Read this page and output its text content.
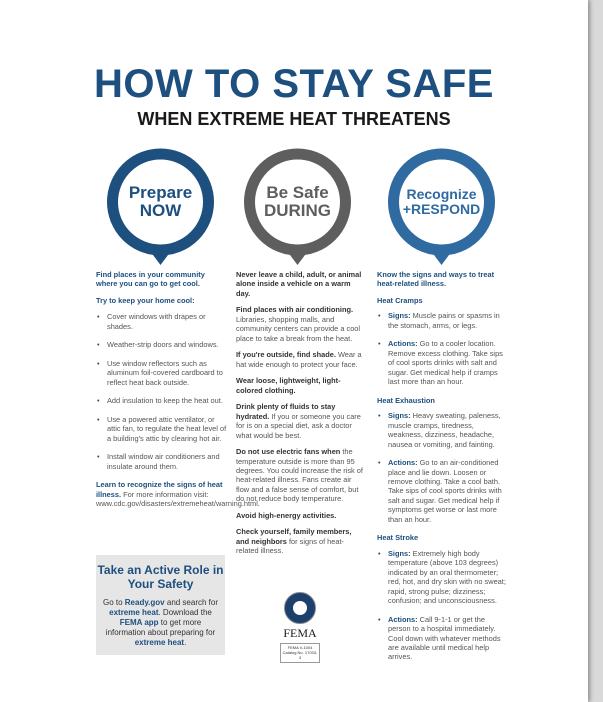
HOW TO STAY SAFE
WHEN EXTREME HEAT THREATENS
Prepare
NOW
Be Safe
DURING
Recognize
+RESPOND

Find places in your community where you can go to get cool.

Try to keep your home cool:

• Cover windows with drapes or shades.
• Weather-strip doors and windows.
• Use window reflectors such as aluminum foil-covered cardboard to reflect heat back outside.
• Add insulation to keep the heat out.
• Use a powered attic ventilator, or attic fan, to regulate the heat level of a building's attic by clearing hot air.
• Install window air conditioners and insulate around them.

Learn to recognize the signs of heat illness. For more information visit: www.cdc.gov/disasters/extremeheat/warning.html.

Never leave a child, adult, or animal alone inside a vehicle on a warm day.

Find places with air conditioning. Libraries, shopping malls, and community centers can provide a cool place to take a break from the heat.

If you're outside, find shade. Wear a hat wide enough to protect your face.

Wear loose, lightweight, light-colored clothing.

Drink plenty of fluids to stay hydrated. If you or someone you care for is on a special diet, ask a doctor what would be best.

Do not use electric fans when the temperature outside is more than 95 degrees. You could increase the risk of heat-related illness. Fans create air flow and a false sense of comfort, but do not reduce body temperature.

Avoid high-energy activities.

Check yourself, family members, and neighbors for signs of heat-related illness.

Know the signs and ways to treat heat-related illness.

Heat Cramps

• Signs: Muscle pains or spasms in the stomach, arms, or legs.
• Actions: Go to a cooler location. Remove excess clothing. Take sips of cool sports drinks with salt and sugar. Get medical help if cramps last more than an hour.

Heat Exhaustion

• Signs: Heavy sweating, paleness, muscle cramps, tiredness, weakness, dizziness, headache, nausea or vomiting, and fainting.
• Actions: Go to an air-conditioned place and lie down. Loosen or remove clothing. Take a cool bath. Take sips of cool sports drinks with salt and sugar. Get medical help if symptoms get worse or last more than an hour.

Heat Stroke

• Signs: Extremely high body temperature (above 103 degrees) indicated by an oral thermometer; red, hot, and dry skin with no sweat; rapid, strong pulse; dizziness; confusion; and unconsciousness.
• Actions: Call 9-1-1 or get the person to a hospital immediately. Cool down with whatever methods are available until medical help arrives.
Take an Active Role in Your Safety
Go to Ready.gov and search for extreme heat. Download the FEMA app to get more information about preparing for extreme heat.
FEMA
FEMA V-1004
Catalog No. 17033-3
